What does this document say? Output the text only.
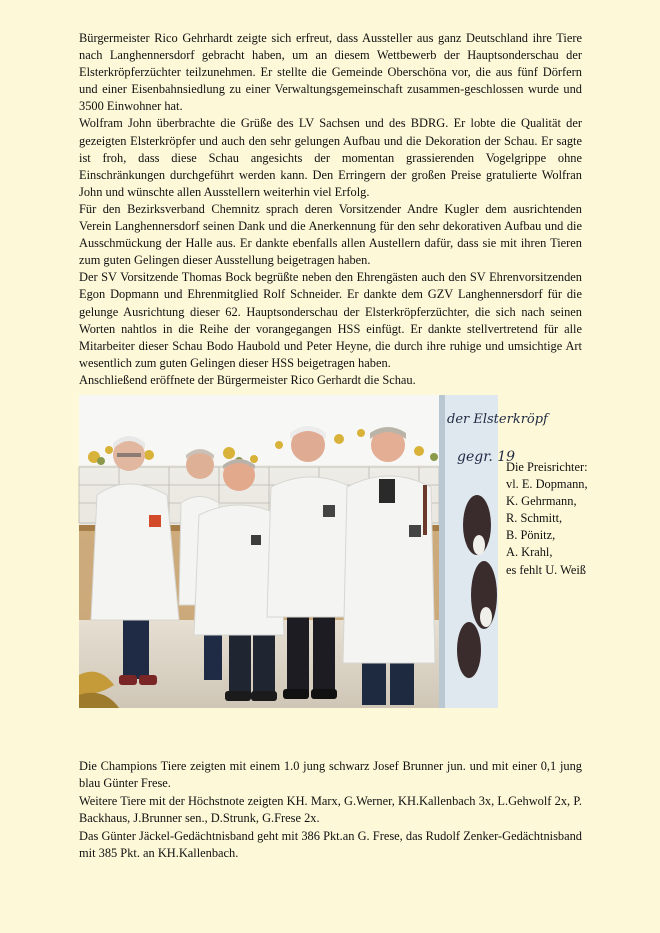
Bürgermeister Rico Gehrhardt zeigte sich erfreut, dass Aussteller aus ganz Deutschland ihre Tiere nach Langhennersdorf gebracht haben, um an diesem Wettbewerb der Hauptsonderschau der Elsterkröpferzüchter teilzunehmen. Er stellte die Gemeinde Oberschöna vor, die aus fünf Dörfern und einer Eisenbahnsiedlung zu einer Verwaltungsgemeinschaft zusammen-geschlossen wurde und 3500 Einwohner hat.

Wolfram John überbrachte die Grüße des LV Sachsen und des BDRG. Er lobte die Qualität der gezeigten Elsterkröpfer und auch den sehr gelungen Aufbau und die Dekoration der Schau. Er sagte ist froh, dass diese Schau angesichts der momentan grassierenden Vogelgrippe ohne Einschränkungen durchgeführt werden kann. Den Erringern der großen Preise gratulierte Wolfran John und wünschte allen Ausstellern weiterhin viel Erfolg.

Für den Bezirksverband Chemnitz sprach deren Vorsitzender Andre Kugler dem ausrichtenden Verein Langhennersdorf seinen Dank und die Anerkennung für den sehr dekorativen Aufbau und die Ausschmückung der Halle aus. Er dankte ebenfalls allen Austellern dafür, dass sie mit ihren Tieren zum guten Gelingen dieser Ausstellung beigetragen haben.

Der SV Vorsitzende Thomas Bock begrüßte neben den Ehrengästen auch den SV Ehrenvorsitzenden Egon Dopmann und Ehrenmitglied Rolf Schneider. Er dankte dem GZV Langhennersdorf für die gelunge Ausrichtung dieser 62. Hauptsonderschau der Elsterkröpferzüchter, die sich nach seinen Worten nahtlos in die Reihe der vorangegangen HSS einfügt. Er dankte stellvertretend für alle Mitarbeiter dieser Schau Bodo Haubold und Peter Heyne, die durch ihre ruhige und umsichtige Art wesentlich zum guten Gelingen dieser HSS beigetragen haben.

Anschließend eröffnete der Bürgermeister Rico Gerhardt die Schau.

der Elsterkröpf
gegr. 19
Die Preisrichter:
vl. E. Dopmann,
K. Gehrmann,
R. Schmitt,
B. Pönitz,
A. Krahl,
es fehlt U. Weiß

Die Champions Tiere zeigten mit einem 1.0 jung schwarz Josef Brunner jun. und mit einer 0,1 jung blau Günter Frese.

Weitere Tiere mit der Höchstnote zeigten KH. Marx, G.Werner, KH.Kallenbach 3x, L.Gehwolf 2x, P. Backhaus, J.Brunner sen., D.Strunk, G.Frese 2x.

Das Günter Jäckel-Gedächtnisband geht mit 386 Pkt.an G. Frese, das Rudolf Zenker-Gedächtnisband mit 385 Pkt. an KH.Kallenbach.
